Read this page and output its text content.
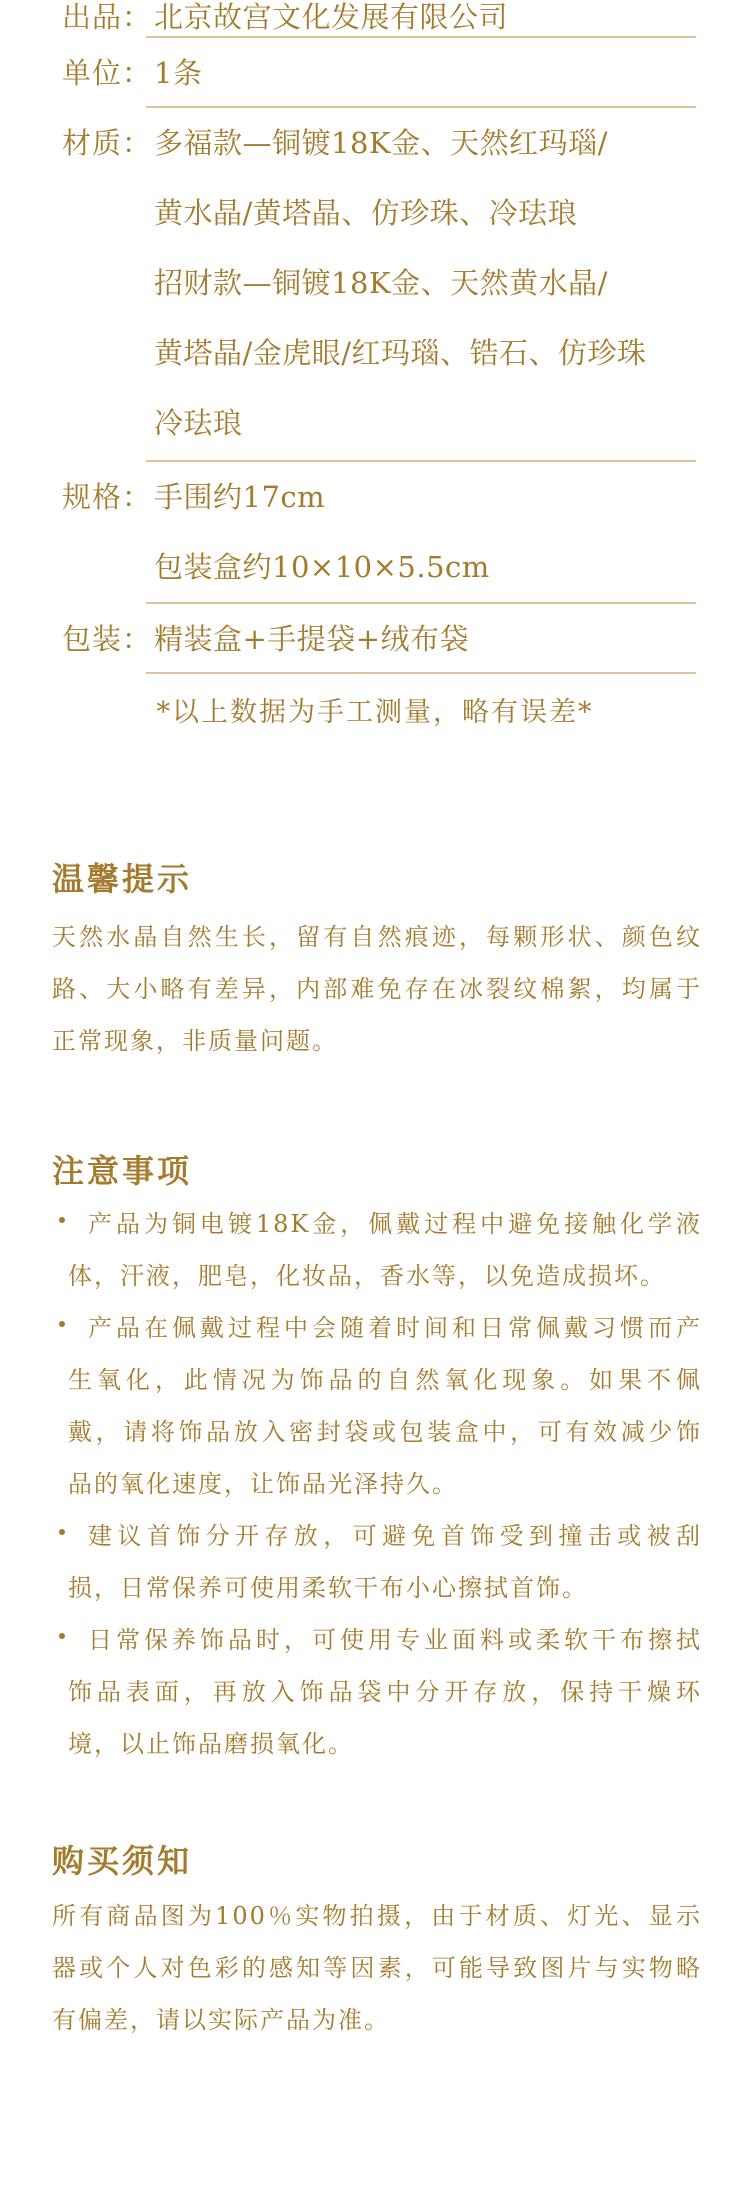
出品： 北京故宫文化发展有限公司
单位： 1条
材质： 多福款—铜镀18K金、天然红玛瑙/
黄水晶/黄塔晶、仿珍珠、冷珐琅
招财款—铜镀18K金、天然黄水晶/
黄塔晶/金虎眼/红玛瑙、锆石、仿珍珠
冷珐琅
规格： 手围约17cm
包装盒约10×10×5.5cm
包装： 精装盒+手提袋+绒布袋
*以上数据为手工测量，略有误差*
温馨提示
天然水晶自然生长，留有自然痕迹，每颗形状、颜色纹
路、大小略有差异，内部难免存在冰裂纹棉絮，均属于
正常现象，非质量问题。
注意事项
产品为铜电镀18K金，佩戴过程中避免接触化学液
体，汗液，肥皂，化妆品，香水等，以免造成损坏。
产品在佩戴过程中会随着时间和日常佩戴习惯而产
生氧化，此情况为饰品的自然氧化现象。如果不佩
戴，请将饰品放入密封袋或包装盒中，可有效减少饰
品的氧化速度，让饰品光泽持久。
建议首饰分开存放，可避免首饰受到撞击或被刮
损，日常保养可使用柔软干布小心擦拭首饰。
日常保养饰品时，可使用专业面料或柔软干布擦拭
饰品表面，再放入饰品袋中分开存放，保持干燥环
境，以止饰品磨损氧化。
购买须知
所有商品图为100％实物拍摄，由于材质、灯光、显示
器或个人对色彩的感知等因素，可能导致图片与实物略
有偏差，请以实际产品为准。
